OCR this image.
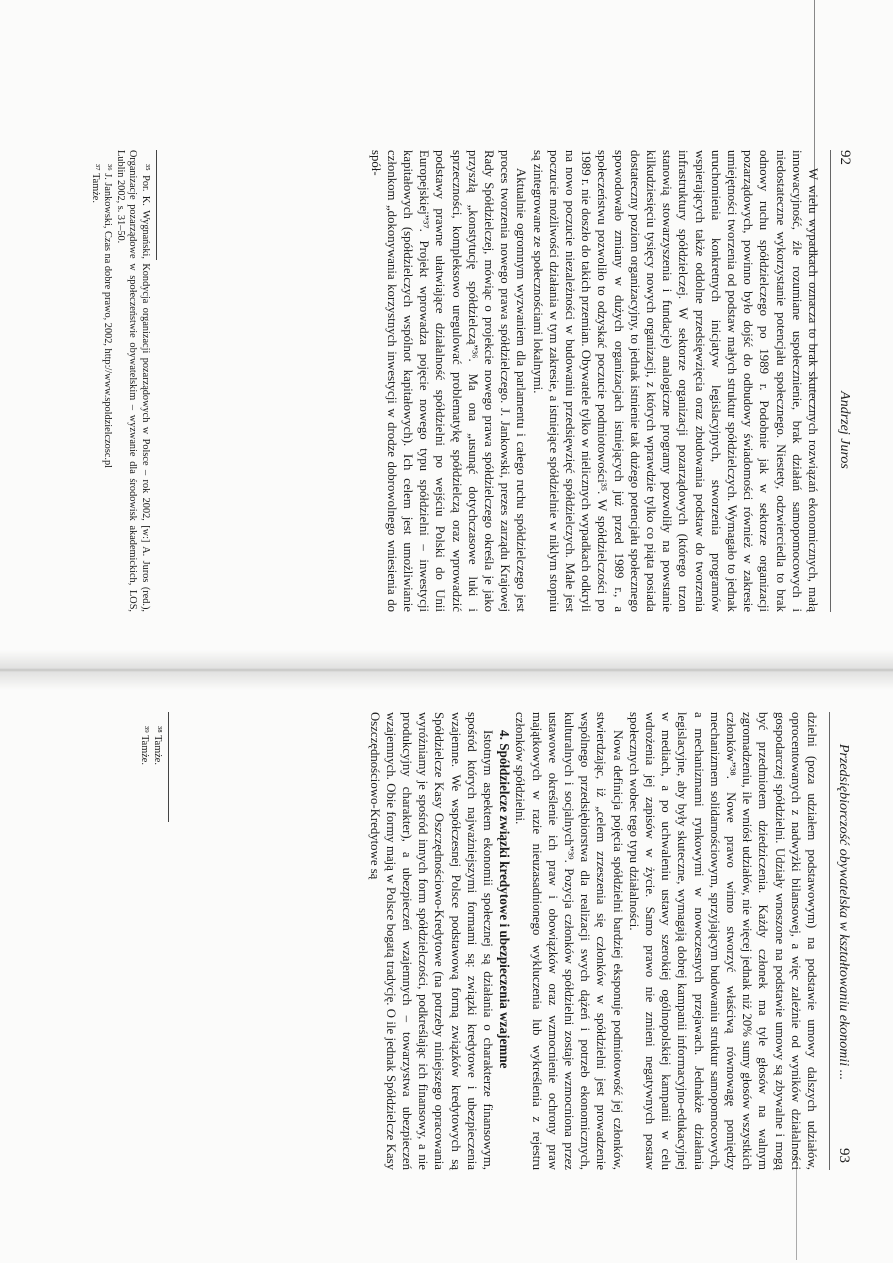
92
Andrzej Juros

W wielu wypadkach oznacza to brak skutecznych rozwiązań ekonomicznych, małą innowacyjność, źle rozumiane uspołecznienie, brak działań samopomocowych i niedostateczne wykorzystanie potencjału społecznego. Niestety, odzwierciedla to brak odnowy ruchu spółdzielczego po 1989 r. Podobnie jak w sektorze organizacji pozarządowych, powinno było dojść do odbudowy świadomości również w zakresie umiejętności tworzenia od podstaw małych struktur spółdzielczych. Wymagało to jednak uruchomienia konkretnych inicjatyw legislacyjnych, stworzenia programów wspierających także oddolne przedsięwzięcia oraz zbudowania podstaw do tworzenia infrastruktury spółdzielczej. W sektorze organizacji pozarządowych (którego trzon stanowią stowarzyszenia i fundacje) analogiczne programy pozwoliły na powstanie kilkudziesięciu tysięcy nowych organizacji, z których wprawdzie tylko co piąta posiada dostateczny poziom organizacyjny, to jednak istnienie tak dużego potencjału społecznego spowodowało zmiany w dużych organizacjach istniejących już przed 1989 r., a społeczeństwu pozwoliło to odzyskać poczucie podmiotowości³⁵. W spółdzielczości po 1989 r. nie doszło do takich przemian. Obywatele tylko w nielicznych wypadkach odkryli na nowo poczucie niezależności w budowaniu przedsięwzięć spółdzielczych. Małe jest poczucie możliwości działania w tym zakresie, a istniejące spółdzielnie w niklym stopniu są zintegrowane ze społecznościami lokalnymi.

Aktualnie ogromnym wyzwaniem dla parlamentu i całego ruchu spółdzielczego jest proces tworzenia nowego prawa spółdzielczego. J. Jankowski, prezes zarządu Krajowej Rady Spółdzielczej, mówiąc o projekcie nowego prawa spółdzielczego określa je jako przyszłą „konstytucję spółdzielczą”³⁶. Ma ona „usunąć dotychczasowe luki i sprzeczności, kompleksowo uregulować problematykę spółdzielczą oraz wprowadzić podstawy prawne ułatwiające działalność spółdzielni po wejściu Polski do Unii Europejskiej”³⁷. Projekt wprowadza pojęcie nowego typu spółdzielni – inwestycji kapitałowych (spółdzielczych wspólnot kapitałowych). Ich celem jest umożliwianie członkom „dokonywania korzystnych inwestycji w drodze dobrowolnego wniesienia do spół-

³⁵ Por. K. Wygnański, Kondycja organizacji pozarządowych w Polsce – rok 2002, [w:] A. Juros (red.), Organizacje pozarządowe w społeczeństwie obywatelskim – wyzwanie dla środowisk akademickich, LOS, Lublin 2002, s. 31–50.

³⁶ J. Jankowski, Czas na dobre prawo, 2002, http://www.spoldzielczosc.pl

³⁷ Tamże.

Przedsiębiorczość obywatelska w kształtowaniu ekonomii ...
93

dzielni (poza udziałem podstawowym) na podstawie umowy dalszych udziałów, oprocentowanych z nadwyżki bilansowej, a więc zależnie od wyników działalności gospodarczej spółdzielni. Udziały wnoszone na podstawie umowy są zbywalne i mogą być przedmiotem dziedziczenia. Każdy członek ma tyle głosów na walnym zgromadzeniu, ile wniósł udziałów, nie więcej jednak niż 20% sumy głosów wszystkich członków”³⁸. Nowe prawo winno stworzyć właściwą równowagę pomiędzy mechanizmem solidarnościowym, sprzyjającym budowaniu struktur samopomocowych, a mechanizmami rynkowymi w nowoczesnych przejawach. Jednakże działania legislacyjne, aby były skuteczne, wymagają dobrej kampanii informacyjno-edukacyjnej w mediach, a po uchwaleniu ustawy szerokiej ogólnopolskiej kampanii w celu wdrożenia jej zapisów w życie. Samo prawo nie zmieni negatywnych postaw społecznych wobec tego typu działalności.

Nowa definicja pojęcia spółdzielni bardziej eksponuje podmiotowość jej członków, stwierdzając, iż „celem zrzeszenia się członków w spółdzielni jest prowadzenie wspólnego przedsiębiorstwa dla realizacji swych dążeń i potrzeb ekonomicznych, kulturalnych i socjalnych”³⁹. Pozycja członków spółdzielni zostaje wzmocniona przez ustawowe określenie ich praw i obowiązków oraz wzmocnienie ochrony praw majątkowych w razie nieuzasadnionego wykluczenia lub wykreślenia z rejestru członków spółdzielni.

4. Spółdzielcze związki kredytowe i ubezpieczenia wzajemne

Istotnym aspektem ekonomii społecznej są działania o charakterze finansowym, spośród których najważniejszymi formami są: związki kredytowe i ubezpieczenia wzajemne. We współczesnej Polsce podstawową formą związków kredytowych są Spółdzielcze Kasy Oszczędnościowo-Kredytowe (na potrzeby niniejszego opracowania wyróżniamy je spośród innych form spółdzielczości, podkreślając ich finansowy, a nie produkcyjny charakter), a ubezpieczeń wzajemnych – towarzystwa ubezpieczeń wzajemnych. Obie formy mają w Polsce bogatą tradycję. O ile jednak Spółdzielcze Kasy Oszczędnościowo-Kredytowe są

³⁸ Tamże.

³⁹ Tamże.
